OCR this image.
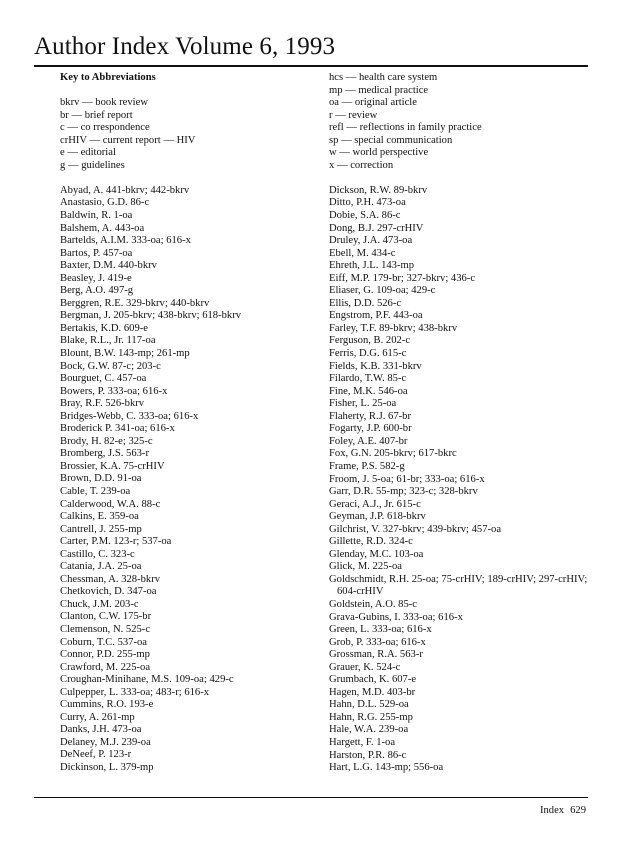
Author Index Volume 6, 1993
Key to Abbreviations
bkrv — book review
br — brief report
c — co rrespondence
crHIV — current report — HIV
e — editorial
g — guidelines
Abyad, A. 441-bkrv; 442-bkrv
Anastasio, G.D. 86-c
Baldwin, R. 1-oa
Balshem, A. 443-oa
Bartelds, A.I.M. 333-oa; 616-x
Bartos, P. 457-oa
Baxter, D.M. 440-bkrv
Beasley, J. 419-e
Berg, A.O. 497-g
Berggren, R.E. 329-bkrv; 440-bkrv
Bergman, J. 205-bkrv; 438-bkrv; 618-bkrv
Bertakis, K.D. 609-e
Blake, R.L., Jr. 117-oa
Blount, B.W. 143-mp; 261-mp
Bock, G.W. 87-c; 203-c
Bourguet, C. 457-oa
Bowers, P. 333-oa; 616-x
Bray, R.F. 526-bkrv
Bridges-Webb, C. 333-oa; 616-x
Broderick P. 341-oa; 616-x
Brody, H. 82-e; 325-c
Bromberg, J.S. 563-r
Brossier, K.A. 75-crHIV
Brown, D.D. 91-oa
Cable, T. 239-oa
Calderwood, W.A. 88-c
Calkins, E. 359-oa
Cantrell, J. 255-mp
Carter, P.M. 123-r; 537-oa
Castillo, C. 323-c
Catania, J.A. 25-oa
Chessman, A. 328-bkrv
Chetkovich, D. 347-oa
Chuck, J.M. 203-c
Clanton, C.W. 175-br
Clemenson, N. 525-c
Coburn, T.C. 537-oa
Connor, P.D. 255-mp
Crawford, M. 225-oa
Croughan-Minihane, M.S. 109-oa; 429-c
Culpepper, L. 333-oa; 483-r; 616-x
Cummins, R.O. 193-e
Curry, A. 261-mp
Danks, J.H. 473-oa
Delaney, M.J. 239-oa
DeNeef, P. 123-r
Dickinson, L. 379-mp
hcs — health care system
mp — medical practice
oa — original article
r — review
refl — reflections in family practice
sp — special communication
w — world perspective
x — correction
Dickson, R.W. 89-bkrv
Ditto, P.H. 473-oa
Dobie, S.A. 86-c
Dong, B.J. 297-crHIV
Druley, J.A. 473-oa
Ebell, M. 434-c
Ehreth, J.L. 143-mp
Eiff, M.P. 179-br; 327-bkrv; 436-c
Eliaser, G. 109-oa; 429-c
Ellis, D.D. 526-c
Engstrom, P.F. 443-oa
Farley, T.F. 89-bkrv; 438-bkrv
Ferguson, B. 202-c
Ferris, D.G. 615-c
Fields, K.B. 331-bkrv
Filardo, T.W. 85-c
Fine, M.K. 546-oa
Fisher, L. 25-oa
Flaherty, R.J. 67-br
Fogarty, J.P. 600-br
Foley, A.E. 407-br
Fox, G.N. 205-bkrv; 617-bkrc
Frame, P.S. 582-g
Froom, J. 5-oa; 61-br; 333-oa; 616-x
Garr, D.R. 55-mp; 323-c; 328-bkrv
Geraci, A.J., Jr. 615-c
Geyman, J.P. 618-bkrv
Gilchrist, V. 327-bkrv; 439-bkrv; 457-oa
Gillette, R.D. 324-c
Glenday, M.C. 103-oa
Glick, M. 225-oa
Goldschmidt, R.H. 25-oa; 75-crHIV; 189-crHIV; 297-crHIV; 604-crHIV
Goldstein, A.O. 85-c
Grava-Gubins, I. 333-oa; 616-x
Green, L. 333-oa; 616-x
Grob, P. 333-oa; 616-x
Grossman, R.A. 563-r
Grauer, K. 524-c
Grumbach, K. 607-e
Hagen, M.D. 403-br
Hahn, D.L. 529-oa
Hahn, R.G. 255-mp
Hale, W.A. 239-oa
Hargett, F. 1-oa
Harston, P.R. 86-c
Hart, L.G. 143-mp; 556-oa
Index 629
